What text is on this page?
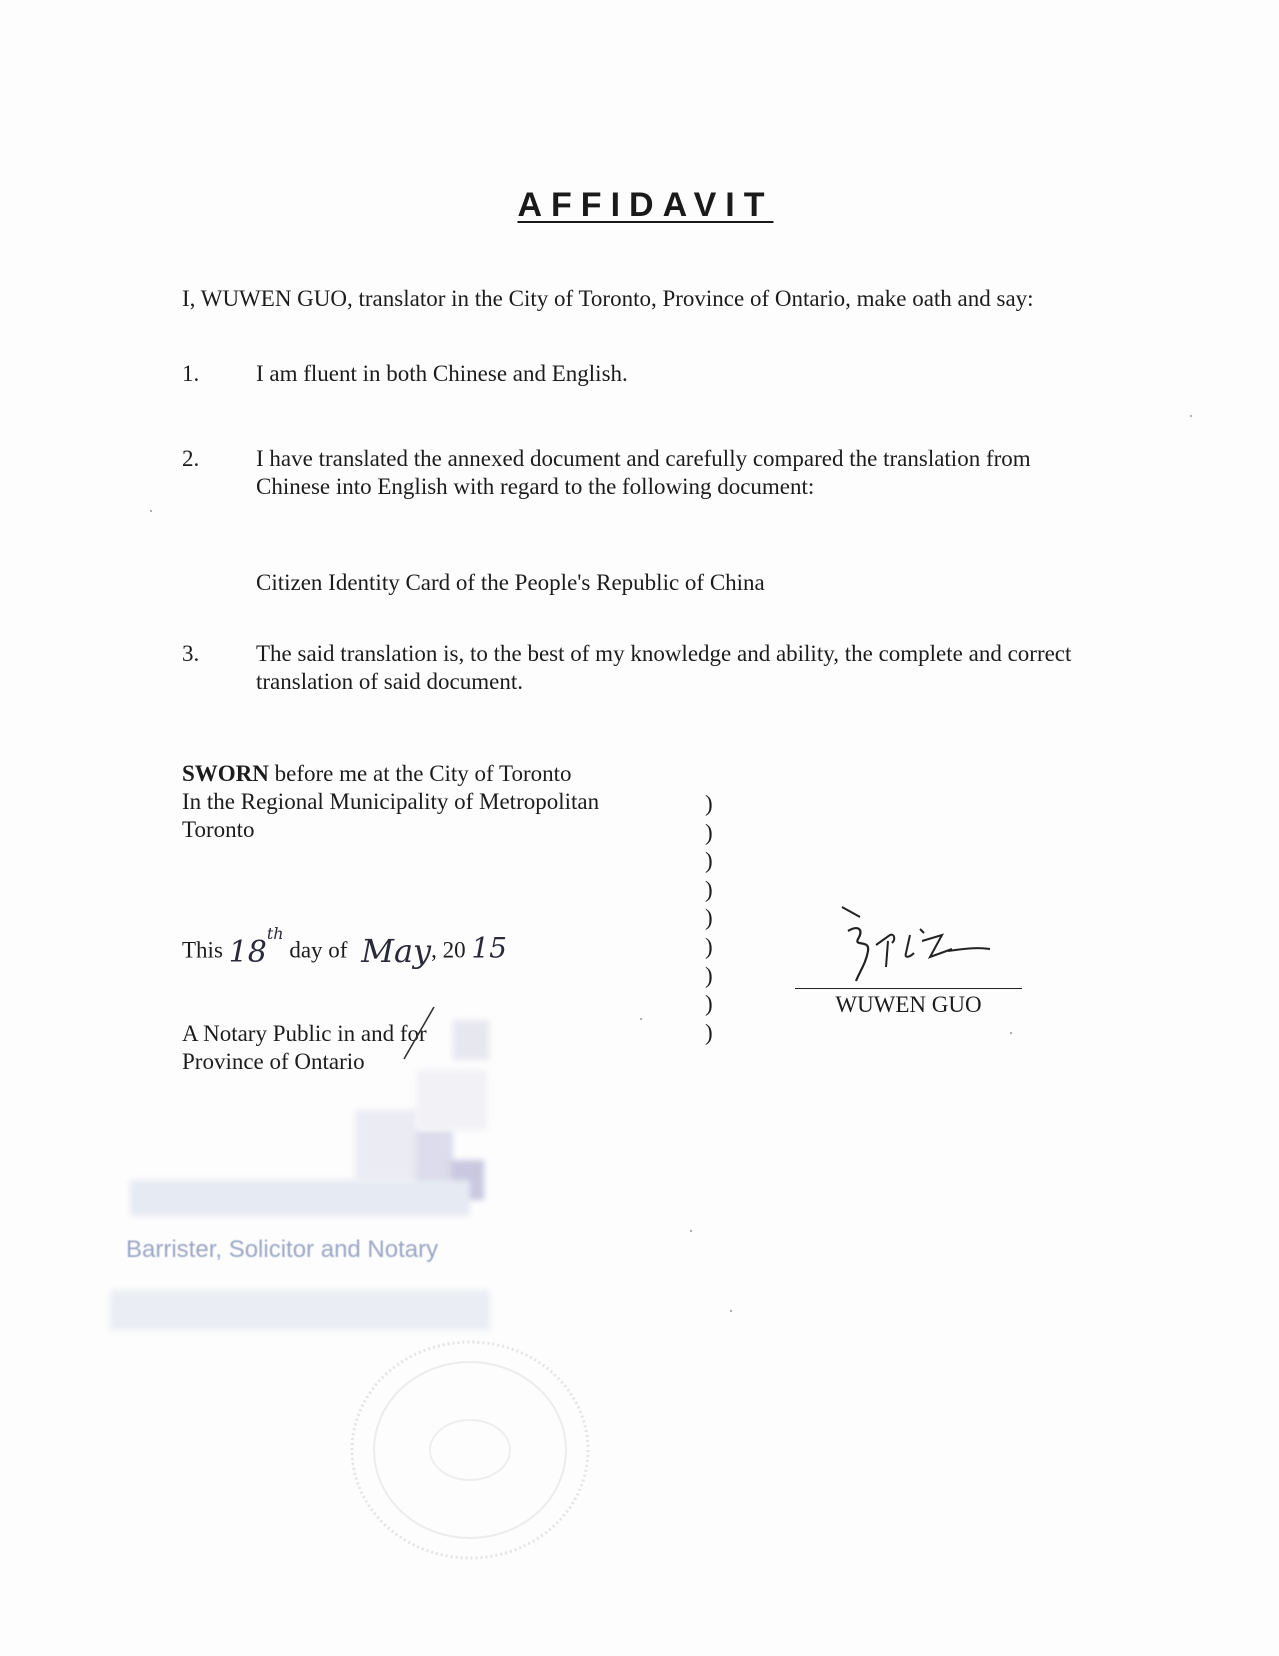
AFFIDAVIT
I, WUWEN GUO, translator in the City of Toronto, Province of Ontario, make oath and say:
1. I am fluent in both Chinese and English.
2. I have translated the annexed document and carefully compared the translation from Chinese into English with regard to the following document:
Citizen Identity Card of the People's Republic of China
3. The said translation is, to the best of my knowledge and ability, the complete and correct translation of said document.
SWORN before me at the City of Toronto
In the Regional Municipality of Metropolitan
Toronto
)
)
)
)
)
)
)
)
)
This 18th day of May, 20 15
A Notary Public in and for
Province of Ontario
WUWEN GUO
Barrister, Solicitor and Notary
